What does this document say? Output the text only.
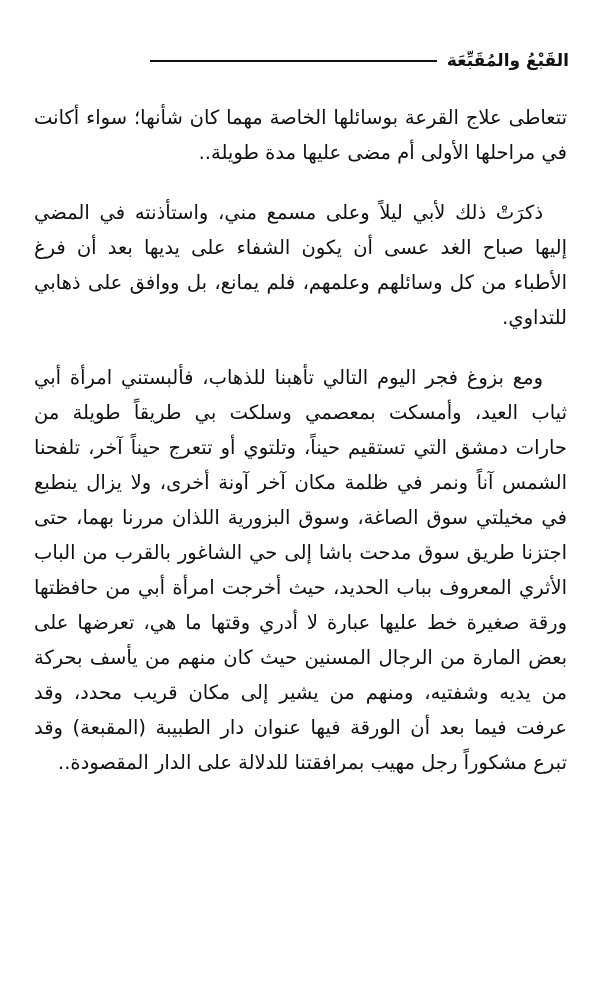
القَبْعُ والمُقَبِّعَة

تتعاطى علاج القرعة بوسائلها الخاصة مهما كان شأنها؛ سواء أكانت في مراحلها الأولى أم مضى عليها مدة طويلة..

ذكرَتْ ذلك لأبي ليلاً وعلى مسمع مني، واستأذنته في المضي إليها صباح الغد عسى أن يكون الشفاء على يديها بعد أن فرغ الأطباء من كل وسائلهم وعلمهم، فلم يمانع، بل ووافق على ذهابي للتداوي.

ومع بزوغ فجر اليوم التالي تأهبنا للذهاب، فألبستني امرأة أبي ثياب العيد، وأمسكت بمعصمي وسلكت بي طريقاً طويلة من حارات دمشق التي تستقيم حيناً، وتلتوي أو تتعرج حيناً آخر، تلفحنا الشمس آناً ونمر في ظلمة مكان آخر آونة أخرى، ولا يزال ينطبع في مخيلتي سوق الصاغة، وسوق البزورية اللذان مررنا بهما، حتى اجتزنا طريق سوق مدحت باشا إلى حي الشاغور بالقرب من الباب الأثري المعروف بباب الحديد، حيث أخرجت امرأة أبي من حافظتها ورقة صغيرة خط عليها عبارة لا أدري وقتها ما هي، تعرضها على بعض المارة من الرجال المسنين حيث كان منهم من يأسف بحركة من يديه وشفتيه، ومنهم من يشير إلى مكان قريب محدد، وقد عرفت فيما بعد أن الورقة فيها عنوان دار الطبيبة (المقبعة) وقد تبرع مشكوراً رجل مهيب بمرافقتنا للدلالة على الدار المقصودة..
